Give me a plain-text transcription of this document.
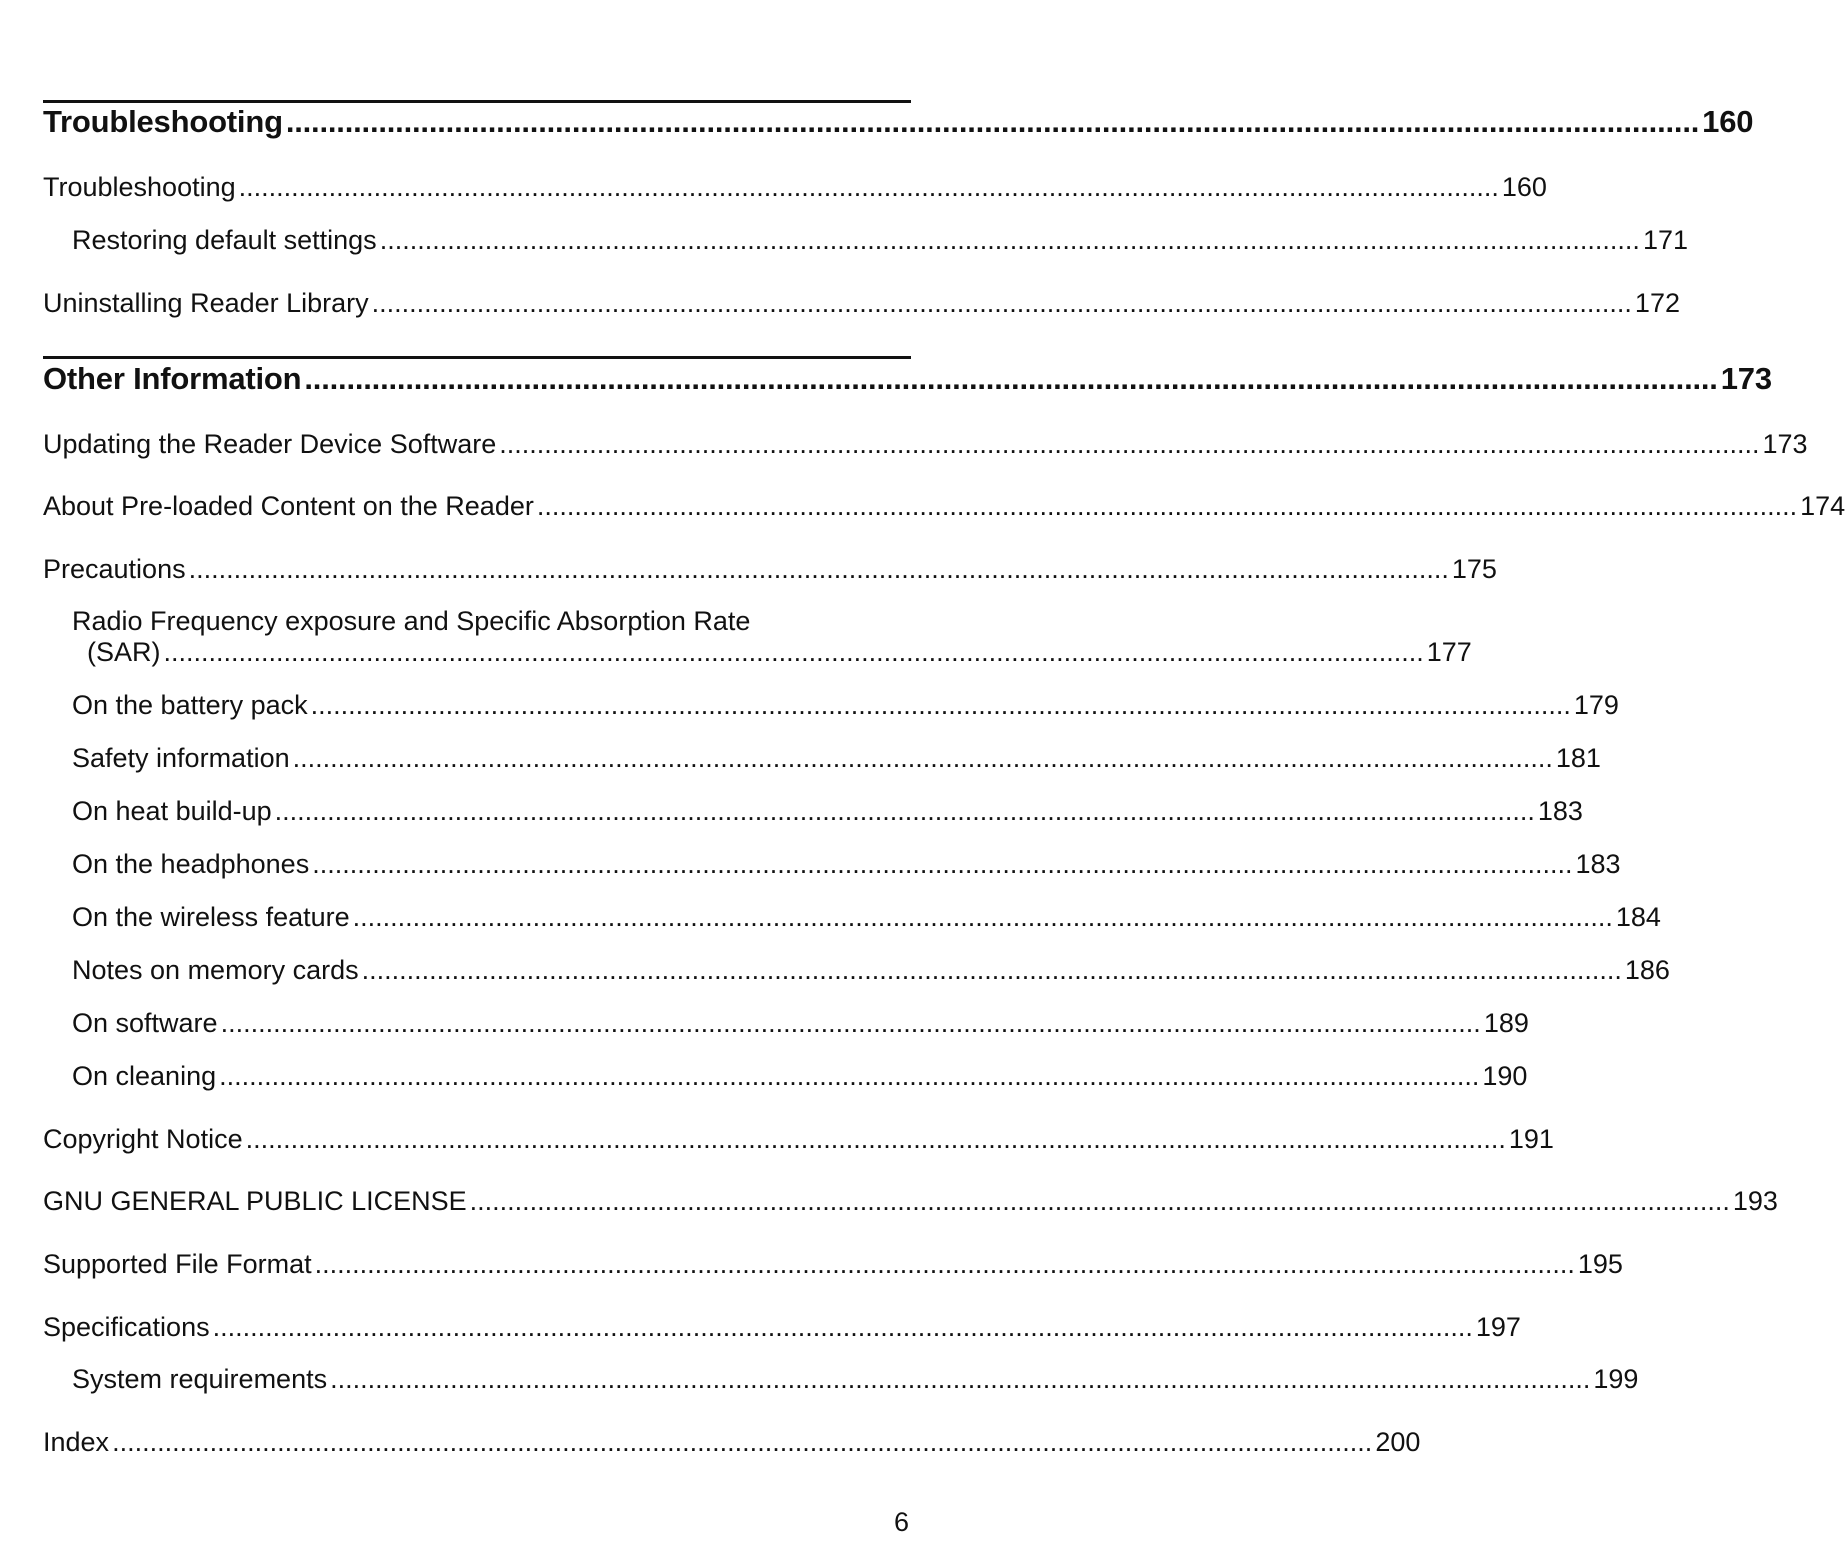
Troubleshooting ........................................................................................................................................................................ 160
Troubleshooting ........................................................................................................................................................................ 160
Restoring default settings ........................................................................................................................................................................ 171
Uninstalling Reader Library ........................................................................................................................................................................ 172
Other Information ........................................................................................................................................................................ 173
Updating the Reader Device Software ........................................................................................................................................................................ 173
About Pre-loaded Content on the Reader ........................................................................................................................................................................ 174
Precautions ........................................................................................................................................................................ 175
Radio Frequency exposure and Specific Absorption Rate
(SAR) ........................................................................................................................................................................ 177
On the battery pack ........................................................................................................................................................................ 179
Safety information ........................................................................................................................................................................ 181
On heat build-up ........................................................................................................................................................................ 183
On the headphones ........................................................................................................................................................................ 183
On the wireless feature ........................................................................................................................................................................ 184
Notes on memory cards ........................................................................................................................................................................ 186
On software ........................................................................................................................................................................ 189
On cleaning ........................................................................................................................................................................ 190
Copyright Notice ........................................................................................................................................................................ 191
GNU GENERAL PUBLIC LICENSE ........................................................................................................................................................................ 193
Supported File Format ........................................................................................................................................................................ 195
Specifications ........................................................................................................................................................................ 197
System requirements ........................................................................................................................................................................ 199
Index ........................................................................................................................................................................ 200
6
